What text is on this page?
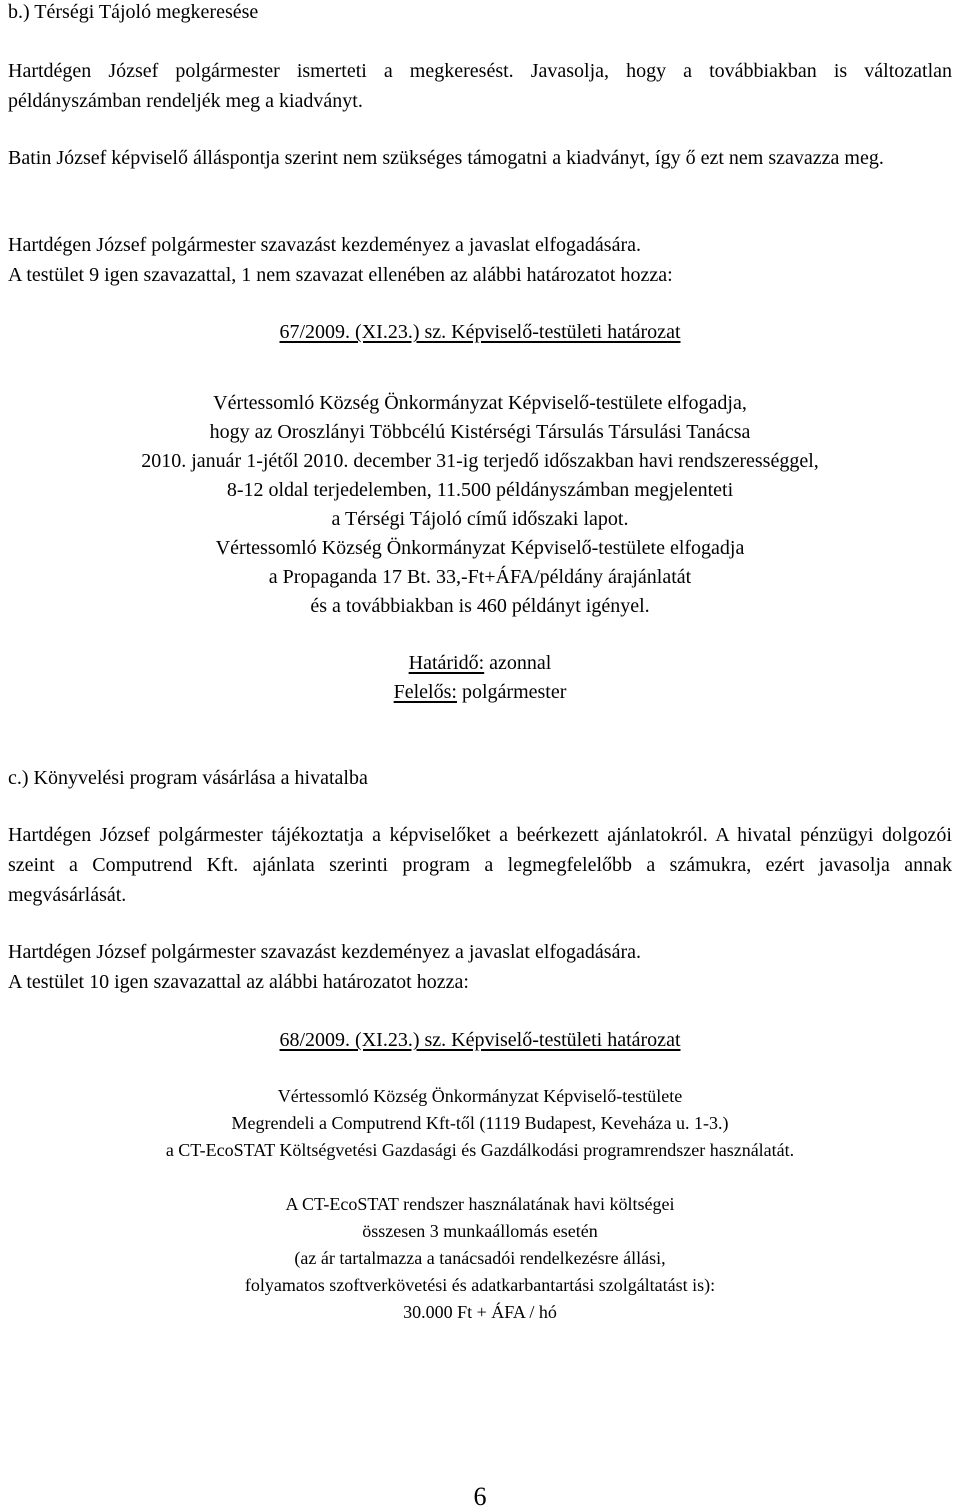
b.) Térségi Tájoló megkeresése

Hartdégen József polgármester ismerteti a megkeresést. Javasolja, hogy a továbbiakban is változatlan példányszámban rendeljék meg a kiadványt.

Batin József képviselő álláspontja szerint nem szükséges támogatni a kiadványt, így ő ezt nem szavazza meg.

Hartdégen József polgármester szavazást kezdeményez a javaslat elfogadására.

A testület 9 igen szavazattal, 1 nem szavazat ellenében az alábbi határozatot hozza:

67/2009. (XI.23.) sz. Képviselő-testületi határozat

Vértessomló Község Önkormányzat Képviselő-testülete elfogadja,

hogy az Oroszlányi Többcélú Kistérségi Társulás Társulási Tanácsa

2010. január 1-jétől 2010. december 31-ig terjedő időszakban havi rendszerességgel,

8-12 oldal terjedelemben, 11.500 példányszámban megjelenteti

a Térségi Tájoló című időszaki lapot.

Vértessomló Község Önkormányzat Képviselő-testülete elfogadja

a Propaganda 17 Bt. 33,-Ft+ÁFA/példány árajánlatát

és a továbbiakban is 460 példányt igényel.

Határidő: azonnal

Felelős: polgármester

c.) Könyvelési program vásárlása a hivatalba

Hartdégen József polgármester tájékoztatja a képviselőket a beérkezett ajánlatokról. A hivatal pénzügyi dolgozói szeint a Computrend Kft. ajánlata szerinti program a legmegfelelőbb a számukra, ezért javasolja annak megvásárlását.

Hartdégen József polgármester szavazást kezdeményez a javaslat elfogadására.

A testület 10 igen szavazattal az alábbi határozatot hozza:

68/2009. (XI.23.) sz. Képviselő-testületi határozat

Vértessomló Község Önkormányzat Képviselő-testülete

Megrendeli a Computrend Kft-től (1119 Budapest, Keveháza u. 1-3.)

a CT-EcoSTAT Költségvetési Gazdasági és Gazdálkodási programrendszer használatát.

A CT-EcoSTAT rendszer használatának havi költségei

összesen 3 munkaállomás esetén

(az ár tartalmazza a tanácsadói rendelkezésre állási,

folyamatos szoftverkövetési és adatkarbantartási szolgáltatást is):

30.000 Ft + ÁFA / hó

6
